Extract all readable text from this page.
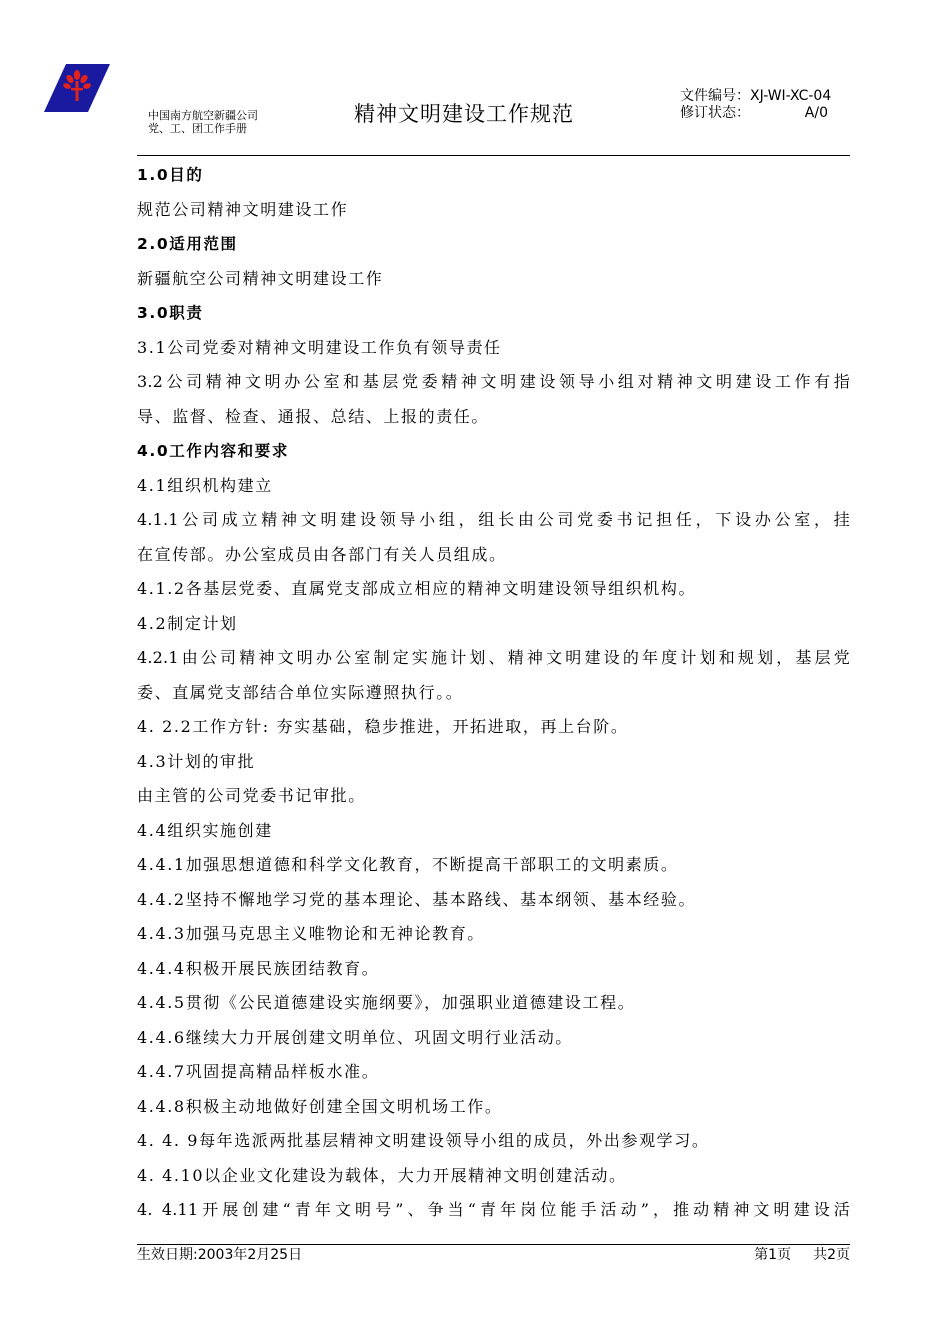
中国南方航空新疆公司
党、工、团工作手册
精神文明建设工作规范
文件编号：XJ-WI-XC-04
修订状态：	A/0
1.0目的
规范公司精神文明建设工作
2.0适用范围
新疆航空公司精神文明建设工作
3.0职责
3.1公司党委对精神文明建设工作负有领导责任
3.2公司精神文明办公室和基层党委精神文明建设领导小组对精神文明建设工作有指
导、监督、检查、通报、总结、上报的责任。
4.0工作内容和要求
4.1组织机构建立
4.1.1公司成立精神文明建设领导小组，组长由公司党委书记担任，下设办公室，挂
在宣传部。办公室成员由各部门有关人员组成。
4.1.2各基层党委、直属党支部成立相应的精神文明建设领导组织机构。
4.2制定计划
4.2.1由公司精神文明办公室制定实施计划、精神文明建设的年度计划和规划，基层党
委、直属党支部结合单位实际遵照执行。。
4. 2.2工作方针: 夯实基础，稳步推进，开拓进取，再上台阶。
4.3计划的审批
由主管的公司党委书记审批。
4.4组织实施创建
4.4.1加强思想道德和科学文化教育，不断提高干部职工的文明素质。
4.4.2坚持不懈地学习党的基本理论、基本路线、基本纲领、基本经验。
4.4.3加强马克思主义唯物论和无神论教育。
4.4.4积极开展民族团结教育。
4.4.5贯彻《公民道德建设实施纲要》，加强职业道德建设工程。
4.4.6继续大力开展创建文明单位、巩固文明行业活动。
4.4.7巩固提高精品样板水准。
4.4.8积极主动地做好创建全国文明机场工作。
4. 4. 9每年选派两批基层精神文明建设领导小组的成员，外出参观学习。
4. 4.10以企业文化建设为载体，大力开展精神文明创建活动。
4. 4.11开展创建“青年文明号”、争当“青年岗位能手活动”，推动精神文明建设活
生效日期:2003年2月25日	第1页 共2页
